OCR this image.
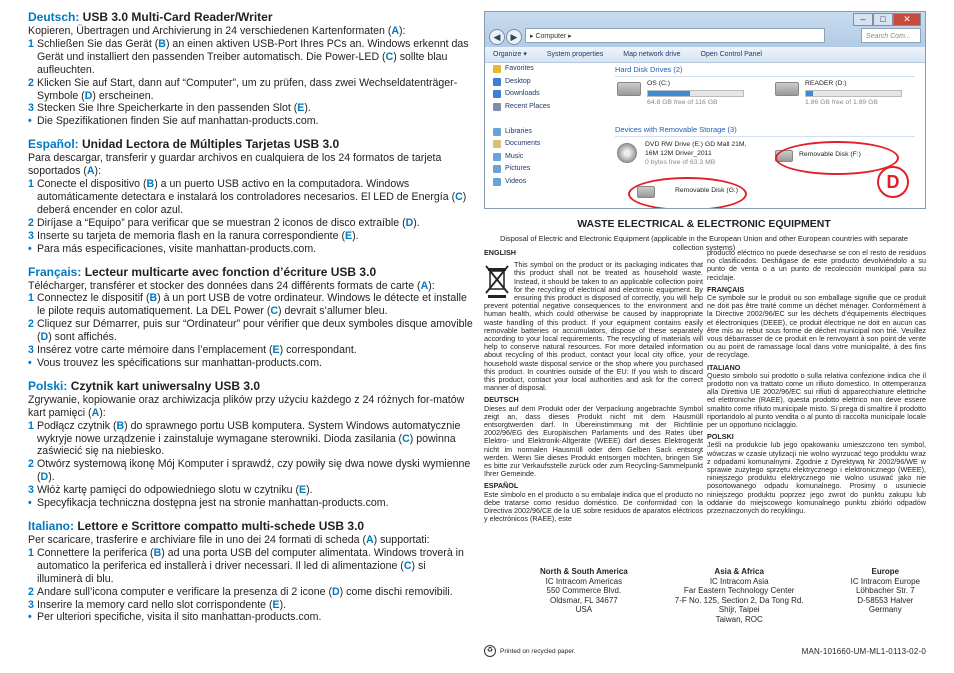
Deutsch: USB 3.0 Multi-Card Reader/Writer

Kopieren, Übertragen und Archivierung in 24 verschiedenen Kartenformaten (A):

1 Schließen Sie das Gerät (B) an einen aktiven USB-Port Ihres PCs an. Windows erkennt das Gerät und installiert den passenden Treiber automatisch. Die Power-LED (C) sollte blau aufleuchten.
2 Klicken Sie auf Start, dann auf “Computer”, um zu prüfen, dass zwei Wechseldatenträger-Symbole (D) erscheinen.
3 Stecken Sie Ihre Speicherkarte in den passenden Slot (E).
• Die Spezifikationen finden Sie auf manhattan-products.com.
Español: Unidad Lectora de Múltiples Tarjetas USB 3.0

Para descargar, transferir y guardar archivos en cualquiera de los 24 formatos de tarjeta soportados (A):

1 Conecte el dispositivo (B) a un puerto USB activo en la computadora. Windows automáticamente detectara e instalará los controladores necesarios. El LED de Energía (C) deberá encender en color azul.
2 Diríjase a “Equipo” para verificar que se muestran 2 iconos de disco extraíble (D).
3 Inserte su tarjeta de memoria flash en la ranura correspondiente (E).
• Para más especificaciones, visite manhattan-products.com.
Français: Lecteur multicarte avec fonction d’écriture USB 3.0

Télécharger, transférer et stocker des données dans 24 différents formats de carte (A):

1 Connectez le dispositif (B) à un port USB de votre ordinateur. Windows le détecte et installe le pilote requis automatiquement. La DEL Power (C) devrait s’allumer bleu.
2 Cliquez sur Démarrer, puis sur “Ordinateur” pour vérifier que deux symboles disque amovible (D) sont affichés.
3 Insérez votre carte mémoire dans l’emplacement (E) correspondant.
• Vous trouvez les spécifications sur manhattan-products.com.
Polski: Czytnik kart uniwersalny USB 3.0

Zgrywanie, kopiowanie oraz archiwizacja plików przy użyciu każdego z 24 różnych for-matów kart pamięci (A):

1 Podłącz czytnik (B) do sprawnego portu USB komputera. System Windows automatycznie wykryje nowe urządzenie i zainstaluje wymagane sterowniki. Dioda zasilania (C) powinna zaświecić się na niebiesko.
2 Otwórz systemową ikonę Mój Komputer i sprawdź, czy powiły się dwa nowe dyski wymienne (D).
3 Włóż kartę pamięci do odpowiedniego slotu w czytniku (E).
• Specyfikacja techniczna dostępna jest na stronie manhattan-products.com.
Italiano: Lettore e Scrittore compatto multi-schede USB 3.0

Per scaricare, trasferire e archiviare file in uno dei 24 formati di scheda (A) supportati:

1 Connettere la periferica (B) ad una porta USB del computer alimentata. Windows troverà in automatico la periferica ed installerà i driver necessari. Il led di alimentazione (C) si illuminerà di blu.
2 Andare sull’icona computer e verificare la presenza di 2 icone (D) come dischi removibili.
3 Inserire la memory card nello slot corrispondente (E).
• Per ulteriori specifiche, visita il sito manhattan-products.com.
–	□	✕
◀	▶	▸ Computer ▸	Search Com...
Organize ▾	System properties	Map network drive	Open Control Panel
Favorites
Desktop
Downloads
Recent Places
Libraries
Documents
Music
Pictures
Videos
Hard Disk Drives (2)
OS (C:)
64.8 GB free of 116 GB
READER (D:)
1.86 GB free of 1.99 GB
Devices with Removable Storage (3)
DVD RW Drive (E:) GD Mall 21M,
16M 12M Driver_2011
0 bytes free of 63.3 MB
Removable Disk (F:)
Removable Disk (G:)	D
WASTE ELECTRICAL & ELECTRONIC EQUIPMENT
Disposal of Electric and Electronic Equipment (applicable in the European Union and other European countries with separate collection systems)
ENGLISH

This symbol on the product or its packaging indicates that this product shall not be treated as household waste. Instead, it should be taken to an applicable collection point for the recycling of electrical and electronic equipment. By ensuring this product is disposed of correctly, you will help prevent potential negative consequences to the environment and human health, which could otherwise be caused by inappropriate waste handling of this product. If your equipment contains easily removable batteries or accumulators, dispose of these separately according to your local requirements. The recycling of materials will help to conserve natural resources. For more detailed information about recycling of this product, contact your local city office, your household waste disposal service or the shop where you purchased this product. In countries outside of the EU: If you wish to discard this product, contact your local authorities and ask for the correct manner of disposal.

DEUTSCH

Dieses auf dem Produkt oder der Verpackung angebrachte Symbol zeigt an, dass dieses Produkt nicht mit dem Hausmüll entsorgtwerden darf. In Übereinstimmung mit der Richtlinie 2002/96/EG des Europäischen Parlaments und des Rates über Elektro- und Elektronik-Altgeräte (WEEE) darf dieses Elektrogerät nicht im normalen Hausmüll oder dem Gelben Sack entsorgt werden. Wenn Sie dieses Produkt entsorgen möchten, bringen Sie es bitte zur Verkaufsstelle zurück oder zum Recycling-Sammelpunkt Ihrer Gemeinde.

ESPAÑOL

Este símbolo en el producto o su embalaje indica que el producto no debe tratarse como residuo doméstico. De conformidad con la Directiva 2002/96/CE de la UE sobre residuos de aparatos eléctricos y electrónicos (RAEE), este

producto eléctrico no puede desecharse se con el resto de residuos no clasificados. Deshágase de este producto devolviéndolo a su punto de venta o a un punto de recolección municipal para su reciclaje.

FRANÇAIS

Ce symbole sur le produit ou son emballage signifie que ce produit ne doit pas être traité comme un déchet ménager. Conformément à la Directive 2002/96/EC sur les déchets d’équipements électriques et électroniques (DEEE), ce produit électrique ne doit en aucun cas être mis au rebut sous forme de déchet municipal non trié. Veuillez vous débarrasser de ce produit en le renvoyant à son point de vente ou au point de ramassage local dans votre municipalité, à des fins de recyclage.

ITALIANO

Questo simbolo sui prodotto o sulla relativa confezione indica che il prodotto non va trattato come un rifiuto domestico. In ottemperanza alla Direttiva UE 2002/96/EC sui rifiuti di apparecchiature elettriche ed elettroniche (RAEE), questa prodotto elettrico non deve essere smaltito come rifiuto municipale misto. Si prega di smaltire il prodotto riportandolo al punto vendita o al punto di raccolta municipale locale per un opportuno riciclaggio.

POLSKI

Jeśli na produkcie lub jego opakowaniu umieszczono ten symbol, wówczas w czasie utylizacji nie wolno wyrzucać tego produktu wraz z odpadami komunalnymi. Zgodnie z Dyrektywą Nr 2002/96/WE w sprawie zużytego sprzętu elektrycznego i elektronicznego (WEEE), niniejszego produktu elektrycznego nie wolno usuwać jako nie posortowanego odpadu komunalnego. Prosimy o usuniecie niniejszego produktu poprzez jego zwrot do punktu zakupu lub oddanie do miejscowego komunalnego punktu zbiórki odpadów przeznaczonych do recyklingu.

North & South America
IC Intracom Americas
550 Commerce Blvd.
Oldsmar, FL 34677
USA
Asia & Africa
IC Intracom Asia
Far Eastern Technology Center
7-F No. 125, Section 2, Da Tong Rd.
Shijr, Taipei
Taiwan, ROC
Europe
IC Intracom Europe
Löhbacher Str. 7
D-58553 Halver
Germany
♻	Printed on recycled paper.	MAN-101660-UM-ML1-0113-02-0
